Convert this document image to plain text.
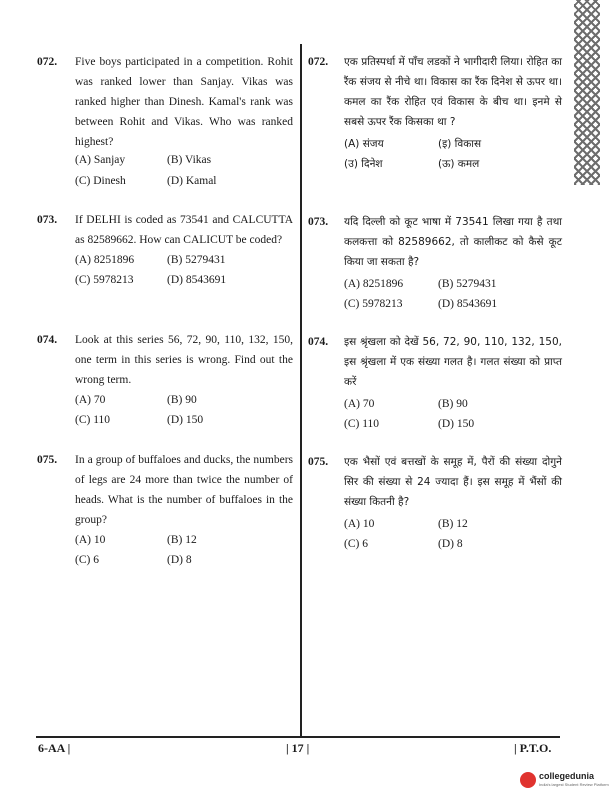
072. Five boys participated in a competition. Rohit was ranked lower than Sanjay. Vikas was ranked higher than Dinesh. Kamal's rank was between Rohit and Vikas. Who was ranked highest?
(A) Sanjay	(B) Vikas
(C) Dinesh	(D) Kamal
073. If DELHI is coded as 73541 and CALCUTTA as 82589662. How can CALICUT be coded?
(A) 8251896	(B) 5279431
(C) 5978213	(D) 8543691
074. Look at this series 56, 72, 90, 110, 132, 150, one term in this series is wrong. Find out the wrong term.
(A) 70	(B) 90
(C) 110	(D) 150
075. In a group of buffaloes and ducks, the numbers of legs are 24 more than twice the number of heads. What is the number of buffaloes in the group?
(A) 10	(B) 12
(C) 6	(D) 8
072. एक प्रतिस्पर्धा में पाँच लडकों ने भागीदारी लिया। रोहित का रैंक संजय से नीचे था। विकास का रैंक दिनेश से ऊपर था। कमल का रैंक रोहित एवं विकास के बीच था। इनमे से सबसे ऊपर रैंक किसका था ?
(A) संजय	(इ) विकास
(उ) दिनेश	(ऊ) कमल
073. यदि दिल्ली को कूट भाषा में 73541 लिखा गया है तथा कलकत्ता को 82589662, तो कालीकट को कैसे कूट किया जा सकता है?
(A) 8251896	(B) 5279431
(C) 5978213	(D) 8543691
074. इस श्रृंखला को देखें 56, 72, 90, 110, 132, 150, इस श्रृंखला में एक संख्या गलत है। गलत संख्या को प्राप्त करें
(A) 70	(B) 90
(C) 110	(D) 150
075. एक भैसों एवं बत्तखों के समूह में, पैरों की संख्या दोगुने सिर की संख्या से 24 ज्यादा हैं। इस समूह में भैंसों की संख्या कितनी है?
(A) 10	(B) 12
(C) 6	(D) 8
6-AA |	| 17 |	| P.T.O.
collegedunia
India's largest Student Review Platform
